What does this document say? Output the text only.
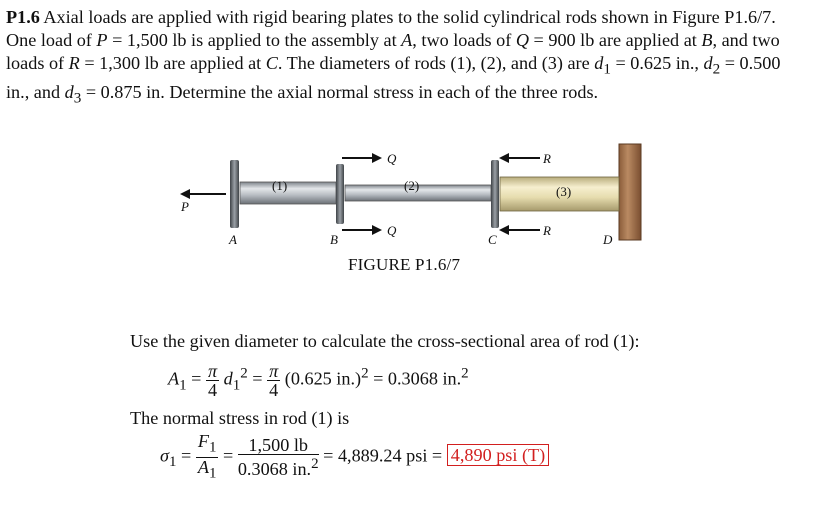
P1.6 Axial loads are applied with rigid bearing plates to the solid cylindrical rods shown in Figure P1.6/7. One load of P = 1,500 lb is applied to the assembly at A, two loads of Q = 900 lb are applied at B, and two loads of R = 1,300 lb are applied at C. The diameters of rods (1), (2), and (3) are $d_1 = 0.625$ in., $d_2 = 0.500$ in., and $d_3 = 0.875$ in. Determine the axial normal stress in each of the three rods.
P
A	B	C	D
Q
Q
R
R
(1)	(2)	(3)
FIGURE P1.6/7
Use the given diameter to calculate the cross-sectional area of rod (1):
$A_1 = \frac{\pi}{4} d_1^2 = \frac{\pi}{4} (0.625$ in.)$^2$ = 0.3068 in.$^2$
The normal stress in rod (1) is
$\sigma_1 = \frac{F_1}{A_1} = \frac{1,500 lb}{0.3068 in.^2} = 4,889.24$ psi = 4,890 psi (T)
